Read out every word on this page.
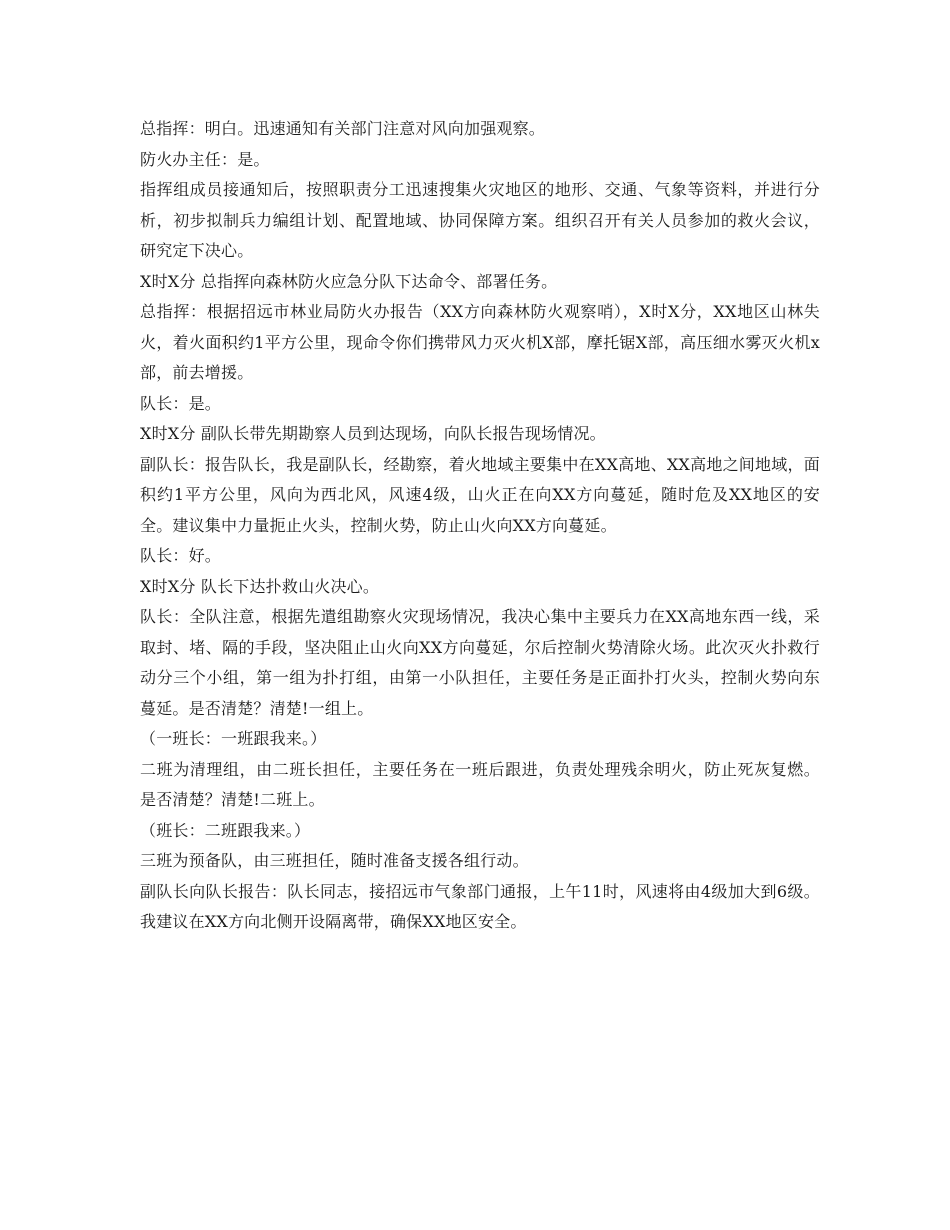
总指挥：明白。迅速通知有关部门注意对风向加强观察。

防火办主任：是。

指挥组成员接通知后，按照职责分工迅速搜集火灾地区的地形、交通、气象等资料，并进行分析，初步拟制兵力编组计划、配置地域、协同保障方案。组织召开有关人员参加的救火会议，研究定下决心。

X时X分 总指挥向森林防火应急分队下达命令、部署任务。

总指挥：根据招远市林业局防火办报告（XX方向森林防火观察哨），X时X分，XX地区山林失火，着火面积约1平方公里，现命令你们携带风力灭火机X部，摩托锯X部，高压细水雾灭火机x部，前去增援。

队长：是。

X时X分 副队长带先期勘察人员到达现场，向队长报告现场情况。

副队长：报告队长，我是副队长，经勘察，着火地域主要集中在XX高地、XX高地之间地域，面积约1平方公里，风向为西北风，风速4级，山火正在向XX方向蔓延，随时危及XX地区的安全。建议集中力量扼止火头，控制火势，防止山火向XX方向蔓延。

队长：好。

X时X分 队长下达扑救山火决心。

队长：全队注意，根据先遣组勘察火灾现场情况，我决心集中主要兵力在XX高地东西一线，采取封、堵、隔的手段，坚决阻止山火向XX方向蔓延，尔后控制火势清除火场。此次灭火扑救行动分三个小组，第一组为扑打组，由第一小队担任，主要任务是正面扑打火头，控制火势向东蔓延。是否清楚？清楚!一组上。

（一班长：一班跟我来。）

二班为清理组，由二班长担任，主要任务在一班后跟进，负责处理残余明火，防止死灰复燃。是否清楚？清楚!二班上。

（班长：二班跟我来。）

三班为预备队，由三班担任，随时准备支援各组行动。

副队长向队长报告：队长同志，接招远市气象部门通报，上午11时，风速将由4级加大到6级。我建议在XX方向北侧开设隔离带，确保XX地区安全。
